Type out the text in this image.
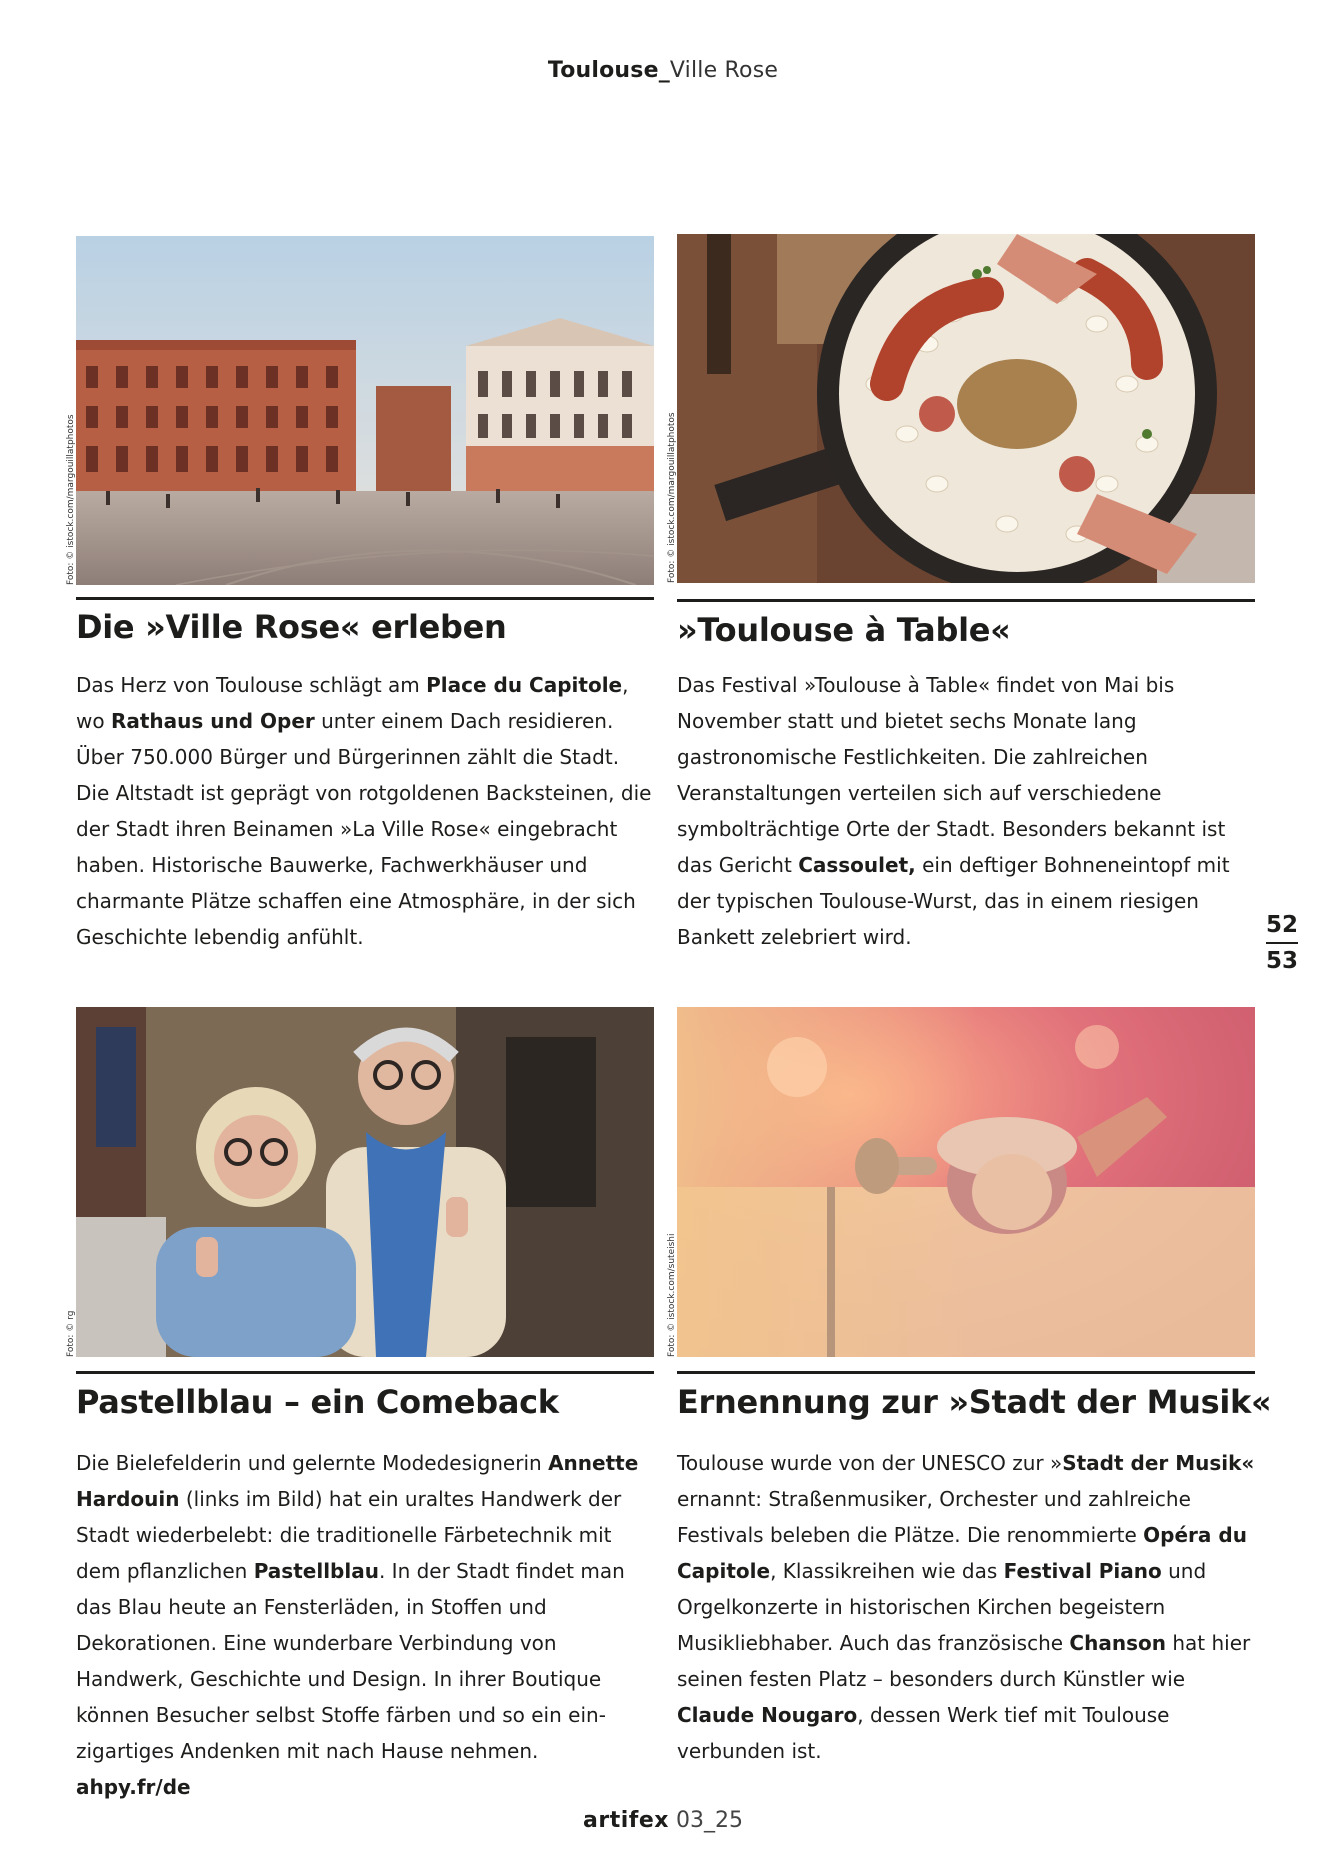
Toulouse_Ville Rose
Foto: © istock.com/margouillatphotos
Die »Ville Rose« erleben

Das Herz von Toulouse schlägt am Place du Capitole, wo Rathaus und Oper unter einem Dach residieren. Über 750.000 Bürger und Bürgerinnen zählt die Stadt. Die Altstadt ist geprägt von rotgoldenen Backsteinen, die der Stadt ihren Beinamen »La Ville Rose« eingebracht haben. Historische Bauwerke, Fachwerkhäuser und charmante Plätze schaffen eine Atmosphäre, in der sich Geschichte lebendig anfühlt.

Foto: © istock.com/margouillatphotos
»Toulouse à Table«

Das Festival »Toulouse à Table« findet von Mai bis November statt und bietet sechs Monate lang gastronomische Festlichkeiten. Die zahlreichen Veranstaltungen verteilen sich auf verschiedene symbolträchtige Orte der Stadt. Besonders bekannt ist das Gericht Cassoulet, ein deftiger Bohneneintopf mit der typischen Toulouse-Wurst, das in einem riesigen Bankett zelebriert wird.	52
53
Foto: © rg
Pastellblau – ein Comeback

Die Bielefelderin und gelernte Modedesignerin Annette Hardouin (links im Bild) hat ein uraltes Handwerk der Stadt wiederbelebt: die traditionelle Färbetechnik mit dem pflanzlichen Pastellblau. In der Stadt findet man das Blau heute an Fensterläden, in Stoffen und Dekorationen. Eine wunderbare Verbindung von Handwerk, Geschichte und Design. In ihrer Boutique können Besucher selbst Stoffe färben und so ein einzigartiges Andenken mit nach Hause nehmen. ahpy.fr/de

Foto: © istock.com/suteishi
Ernennung zur »Stadt der Musik«

Toulouse wurde von der UNESCO zur »Stadt der Musik« ernannt: Straßenmusiker, Orchester und zahlreiche Festivals beleben die Plätze. Die renommierte Opéra du Capitole, Klassikreihen wie das Festival Piano und Orgelkonzerte in historischen Kirchen begeistern Musikliebhaber. Auch das französische Chanson hat hier seinen festen Platz – besonders durch Künstler wie Claude Nougaro, dessen Werk tief mit Toulouse verbunden ist.

artifex 03_25
